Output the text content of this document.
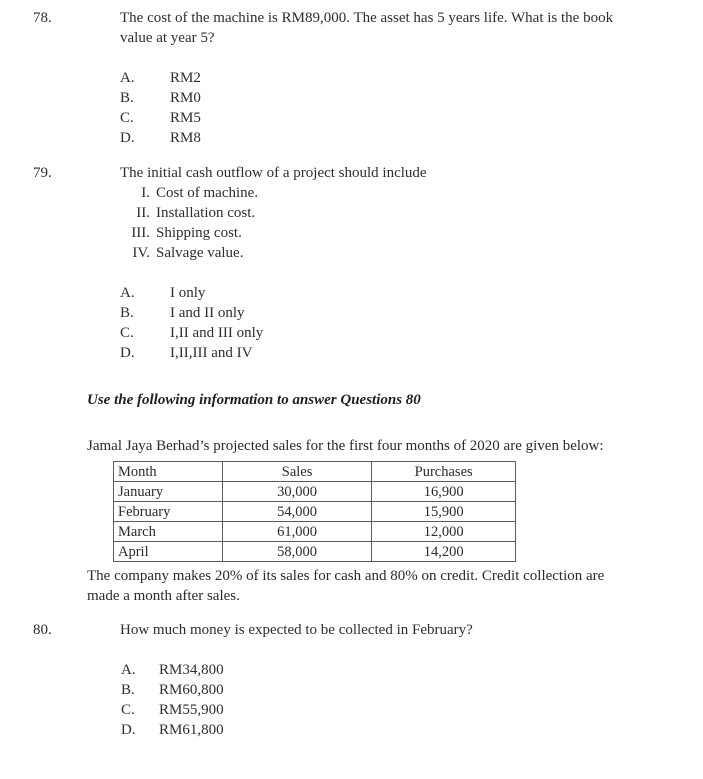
78.	The cost of the machine is RM89,000. The asset has 5 years life. What is the book
value at year 5?
A.	RM2
B.	RM0
C.	RM5
D.	RM8
79.	The initial cash outflow of a project should include
I. Cost of machine.
II. Installation cost.
III. Shipping cost.
IV. Salvage value.
A.	I only
B.	I and II only
C.	I,II and III only
D.	I,II,III and IV
Use the following information to answer Questions 80
Jamal Jaya Berhad’s projected sales for the first four months of 2020 are given below:
Month	Sales	Purchases
January	30,000	16,900
February	54,000	15,900
March	61,000	12,000
April	58,000	14,200
The company makes 20% of its sales for cash and 80% on credit. Credit collection are
made a month after sales.
80.	How much money is expected to be collected in February?
A.	RM34,800
B.	RM60,800
C.	RM55,900
D.	RM61,800
